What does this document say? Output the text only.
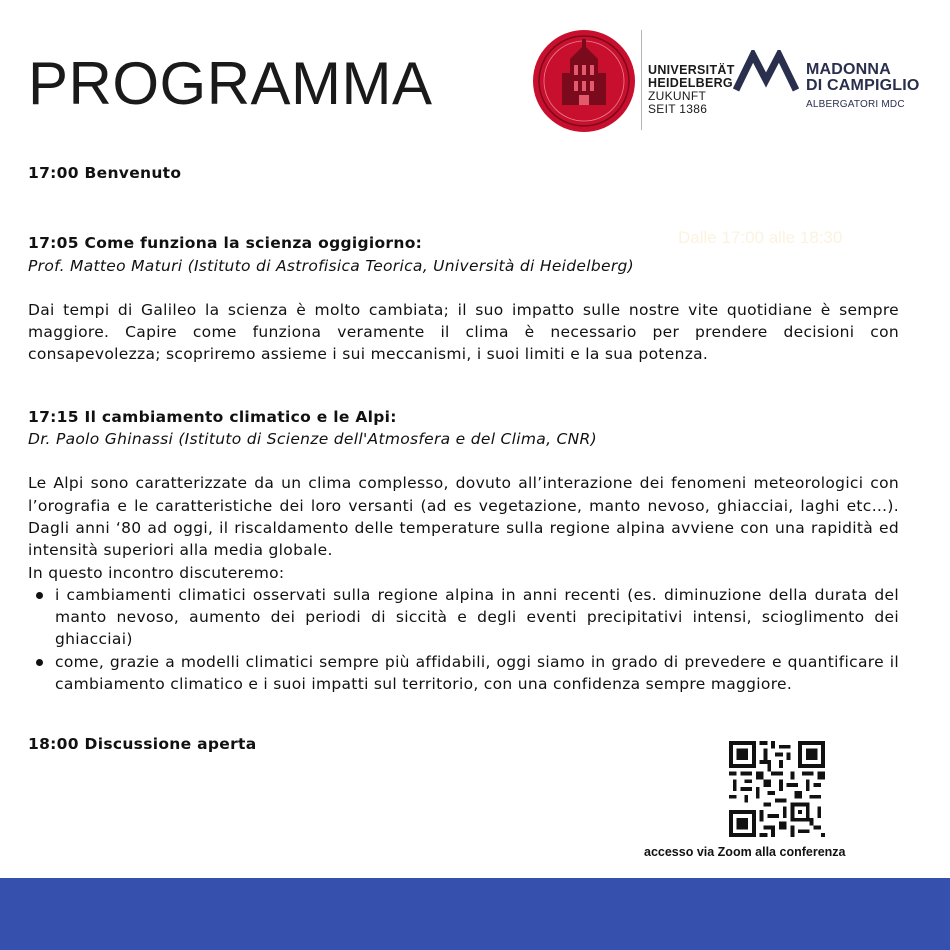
PROGRAMMA
Dalle 17:00 alle 18:30
UNIVERSITÄT
HEIDELBERG
ZUKUNFT
SEIT 1386
MADONNA
DI CAMPIGLIO
ALBERGATORI MDC

17:00 Benvenuto

17:05 Come funziona la scienza oggigiorno:

Prof. Matteo Maturi (Istituto di Astrofisica Teorica, Università di Heidelberg)

Dai tempi di Galileo la scienza è molto cambiata; il suo impatto sulle nostre vite quotidiane è sempre maggiore. Capire come funziona veramente il clima è necessario per prendere decisioni con consapevolezza; scopriremo assieme i sui meccanismi, i suoi limiti e la sua potenza.

17:15 Il cambiamento climatico e le Alpi:

Dr. Paolo Ghinassi (Istituto di Scienze dell'Atmosfera e del Clima, CNR)

Le Alpi sono caratterizzate da un clima complesso, dovuto all’interazione dei fenomeni meteorologici con l’orografia e le caratteristiche dei loro versanti (ad es vegetazione, manto nevoso, ghiacciai, laghi etc…). Dagli anni ‘80 ad oggi, il riscaldamento delle temperature sulla regione alpina avviene con una rapidità ed intensità superiori alla media globale.

In questo incontro discuteremo:

i cambiamenti climatici osservati sulla regione alpina in anni recenti (es. diminuzione della durata del manto nevoso, aumento dei periodi di siccità e degli eventi precipitativi intensi, scioglimento dei ghiacciai)
come, grazie a modelli climatici sempre più affidabili, oggi siamo in grado di prevedere e quantificare il cambiamento climatico e i suoi impatti sul territorio, con una confidenza sempre maggiore.

18:00 Discussione aperta

accesso via Zoom alla conferenza
